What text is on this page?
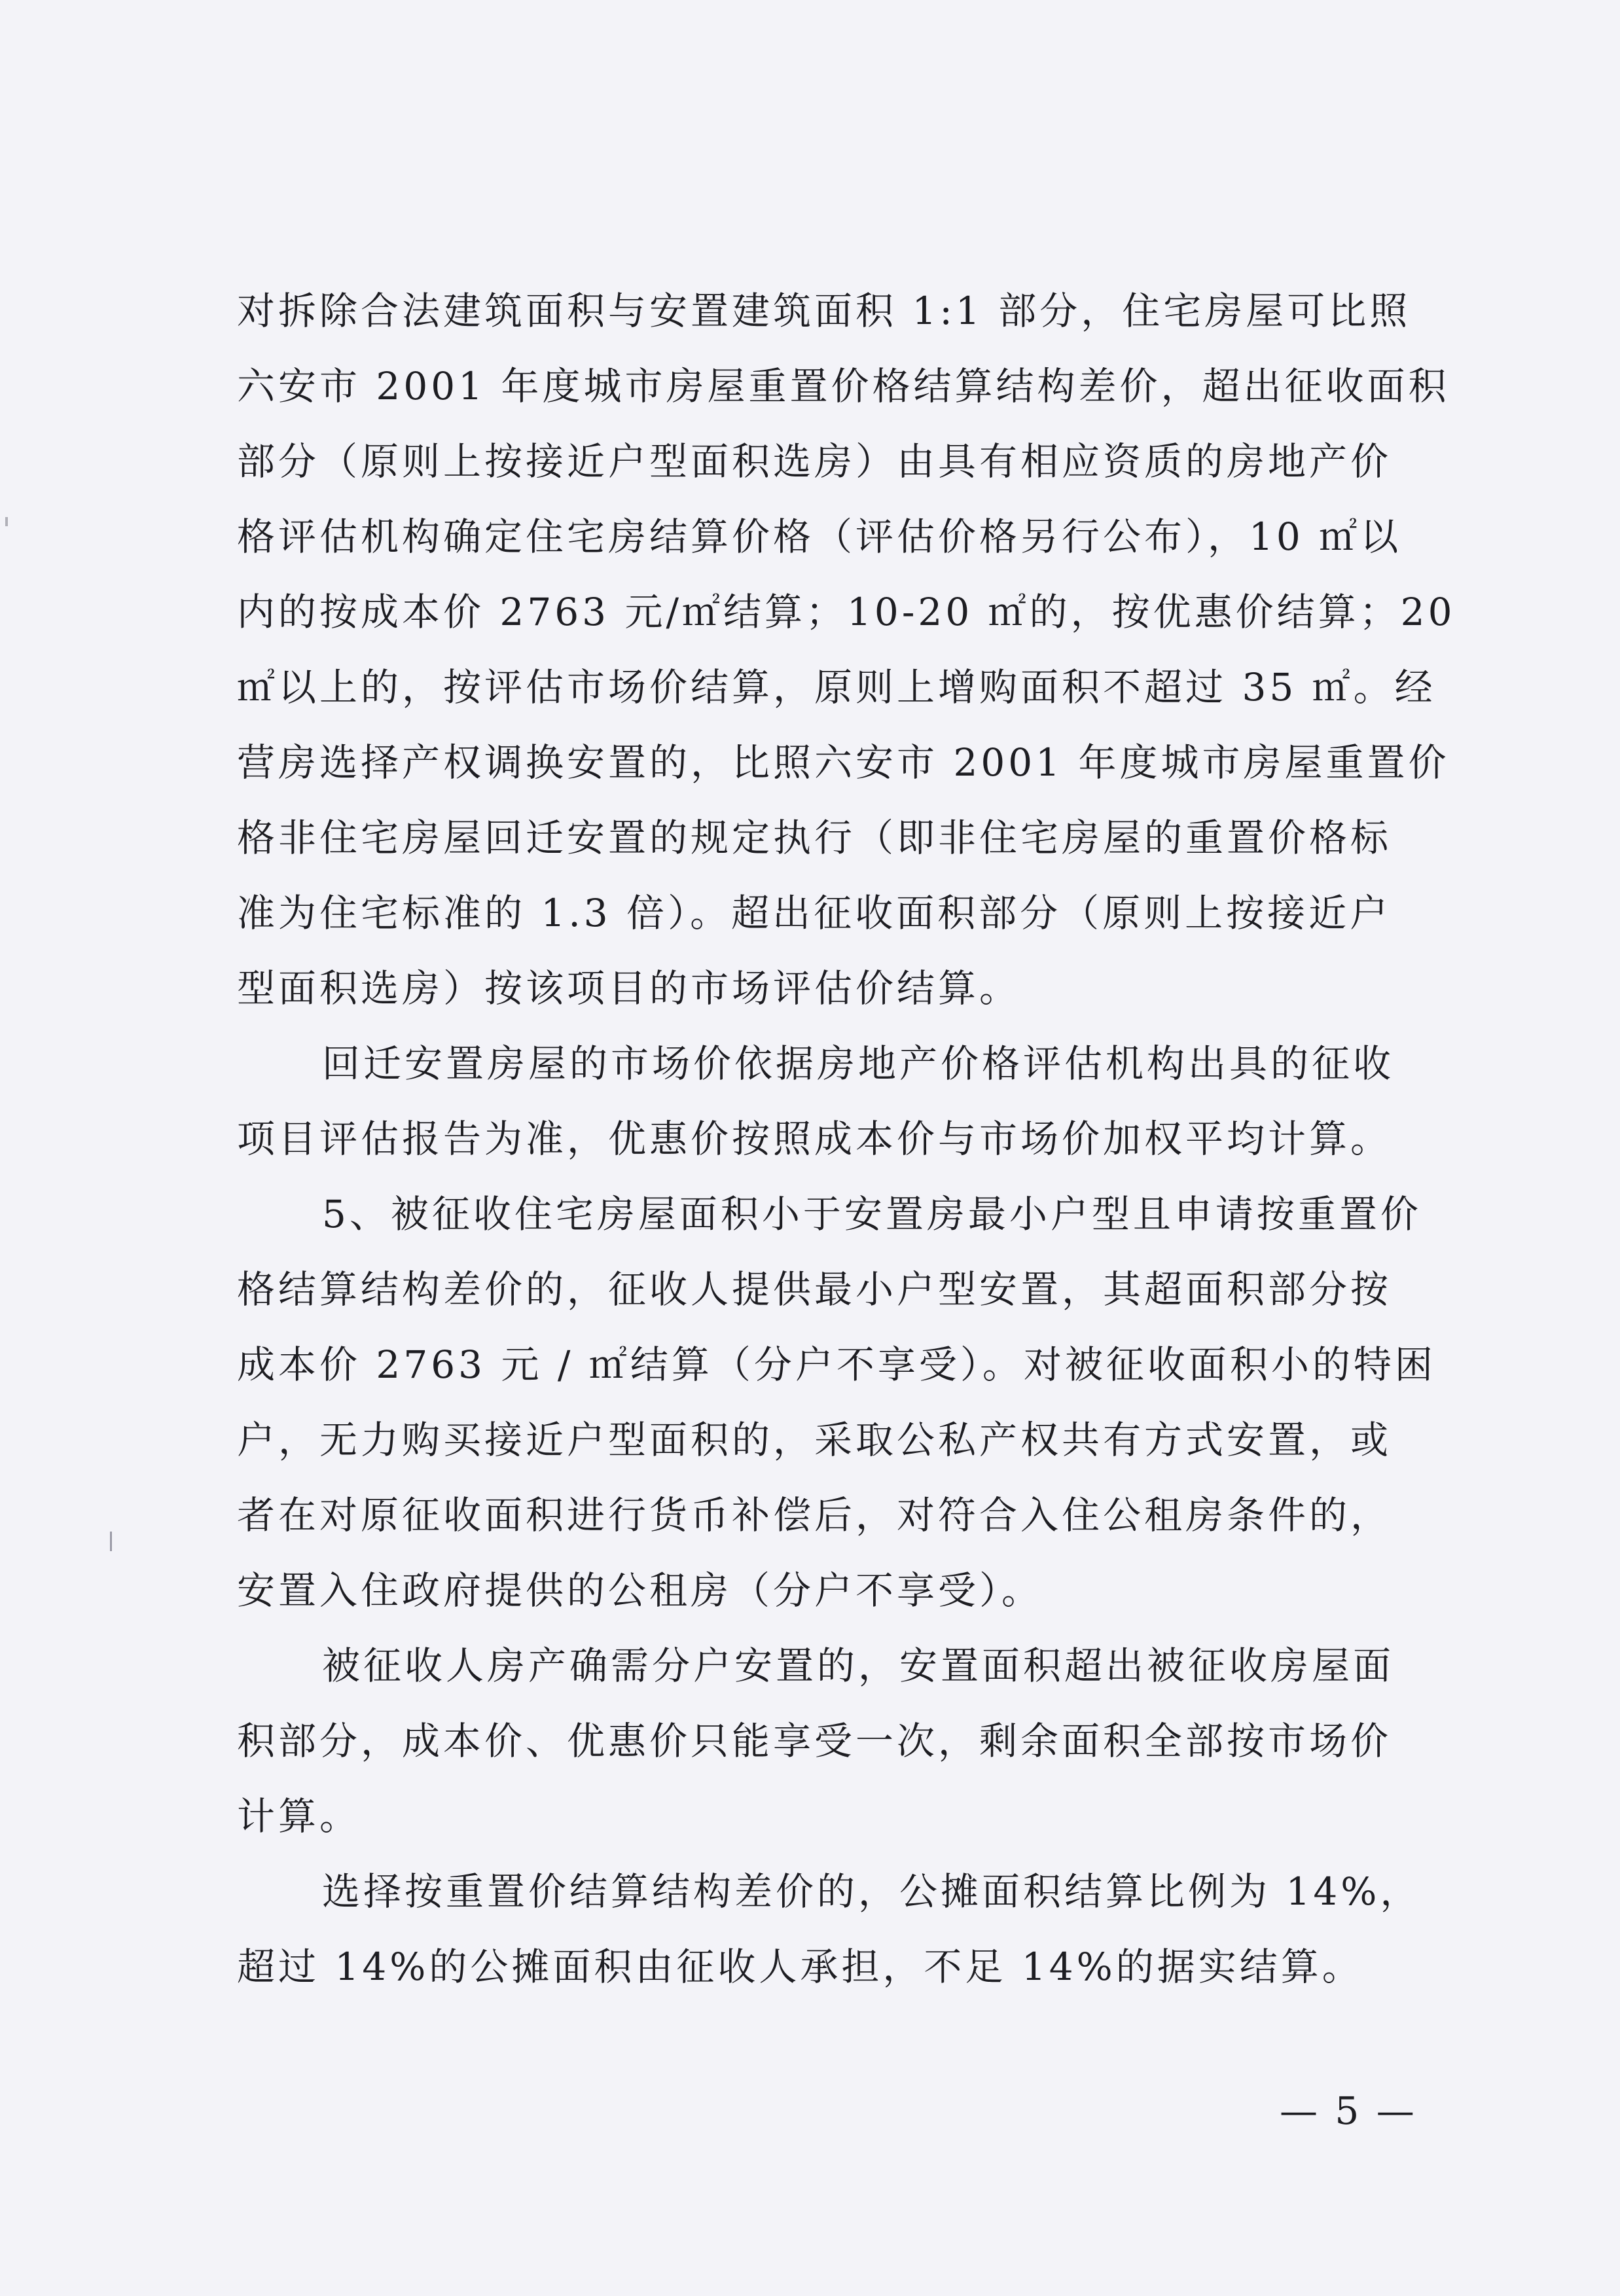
对拆除合法建筑面积与安置建筑面积 1:1 部分，住宅房屋可比照
六安市 2001 年度城市房屋重置价格结算结构差价，超出征收面积
部分（原则上按接近户型面积选房）由具有相应资质的房地产价
格评估机构确定住宅房结算价格（评估价格另行公布），10 ㎡以
内的按成本价 2763 元/㎡结算；10-20 ㎡的，按优惠价结算；20
㎡以上的，按评估市场价结算，原则上增购面积不超过 35 ㎡。经
营房选择产权调换安置的，比照六安市 2001 年度城市房屋重置价
格非住宅房屋回迁安置的规定执行（即非住宅房屋的重置价格标
准为住宅标准的 1.3 倍）。超出征收面积部分（原则上按接近户
型面积选房）按该项目的市场评估价结算。
回迁安置房屋的市场价依据房地产价格评估机构出具的征收
项目评估报告为准，优惠价按照成本价与市场价加权平均计算。
5、被征收住宅房屋面积小于安置房最小户型且申请按重置价
格结算结构差价的，征收人提供最小户型安置，其超面积部分按
成本价 2763 元 / ㎡结算（分户不享受）。对被征收面积小的特困
户，无力购买接近户型面积的，采取公私产权共有方式安置，或
者在对原征收面积进行货币补偿后，对符合入住公租房条件的，
安置入住政府提供的公租房（分户不享受）。
被征收人房产确需分户安置的，安置面积超出被征收房屋面
积部分，成本价、优惠价只能享受一次，剩余面积全部按市场价
计算。
选择按重置价结算结构差价的，公摊面积结算比例为 14%，
超过 14%的公摊面积由征收人承担，不足 14%的据实结算。
— 5 —
